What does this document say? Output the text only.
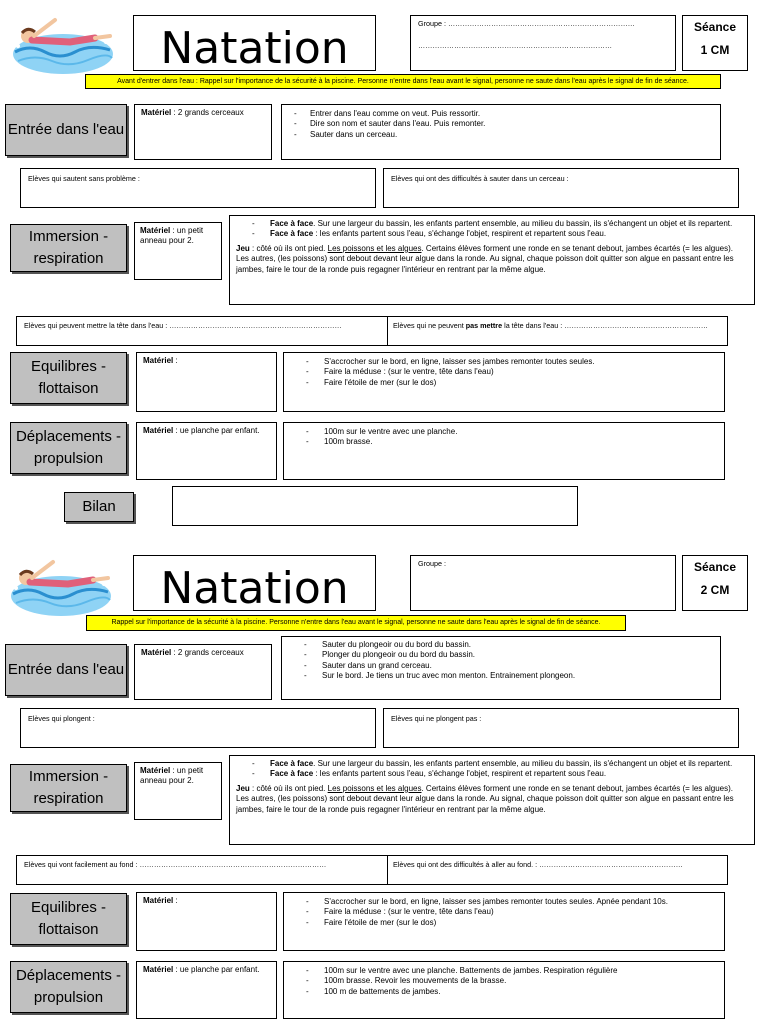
Natation	Groupe : ……………………………………………………………………
………………………………………………………………………
Séance
1 CM
Avant d'entrer dans l'eau : Rappel sur l'importance de la sécurité à la piscine. Personne n'entre dans l'eau avant le signal, personne ne saute dans l'eau après le signal de fin de séance.
Entrée dans l'eau
Matériel : 2 grands cerceaux	- Entrer dans l'eau comme on veut. Puis ressortir.
- Dire son nom et sauter dans l'eau. Puis remonter.
- Sauter dans un cerceau.
Elèves qui sautent sans problème :	Elèves qui ont des difficultés à sauter dans un cerceau :
Immersion - respiration
Matériel : un petit anneau pour 2.
- Face à face. Sur une largeur du bassin, les enfants partent ensemble, au milieu du bassin, ils s'échangent un objet et ils repartent.
- Face à face : les enfants partent sous l'eau, s'échange l'objet, respirent et repartent sous l'eau.
Jeu : côté où ils ont pied. Les poissons et les algues. Certains élèves forment une ronde en se tenant debout, jambes écartés (= les algues). Les autres, (les poissons) sont debout devant leur algue dans la ronde. Au signal, chaque poisson doit quitter son algue en passant entre les jambes, faire le tour de la ronde puis regagner l'intérieur en rentrant par la même algue.
Elèves qui peuvent mettre la tête dans l'eau : ………………………………………………………………	Elèves qui ne peuvent pas mettre la tête dans l'eau : ……………………………………………………
Equilibres - flottaison
Matériel :	- S'accrocher sur le bord, en ligne, laisser ses jambes remonter toutes seules.
- Faire la méduse : (sur le ventre, tête dans l'eau)
- Faire l'étoile de mer (sur le dos)
Déplacements - propulsion
Matériel : ue planche par enfant.	- 100m sur le ventre avec une planche.
- 100m brasse.
Bilan
Natation	Groupe :	Séance
2 CM
Rappel sur l'importance de la sécurité à la piscine. Personne n'entre dans l'eau avant le signal, personne ne saute dans l'eau après le signal de fin de séance.
Entrée dans l'eau
Matériel : 2 grands cerceaux
- Sauter du plongeoir ou du bord du bassin.
- Plonger du plongeoir ou du bord du bassin.
- Sauter dans un grand cerceau.
- Sur le bord. Je tiens un truc avec mon menton. Entrainement plongeon.
Elèves qui plongent :	Elèves qui ne plongent pas :
Immersion - respiration
Matériel : un petit anneau pour 2.
- Face à face. Sur une largeur du bassin, les enfants partent ensemble, au milieu du bassin, ils s'échangent un objet et ils repartent.
- Face à face : les enfants partent sous l'eau, s'échange l'objet, respirent et repartent sous l'eau.
Jeu : côté où ils ont pied. Les poissons et les algues. Certains élèves forment une ronde en se tenant debout, jambes écartés (= les algues). Les autres, (les poissons) sont debout devant leur algue dans la ronde. Au signal, chaque poisson doit quitter son algue en passant entre les jambes, faire le tour de la ronde puis regagner l'intérieur en rentrant par la même algue.
Elèves qui vont facilement au fond : ……………………………………………………………………	Elèves qui ont des difficultés à aller au fond. : ……………………………………………………
Equilibres - flottaison
Matériel :	- S'accrocher sur le bord, en ligne, laisser ses jambes remonter toutes seules. Apnée pendant 10s.
- Faire la méduse : (sur le ventre, tête dans l'eau)
- Faire l'étoile de mer (sur le dos)
Déplacements - propulsion
Matériel : ue planche par enfant.	- 100m sur le ventre avec une planche. Battements de jambes. Respiration régulière
- 100m brasse. Revoir les mouvements de la brasse.
- 100 m de battements de jambes.
